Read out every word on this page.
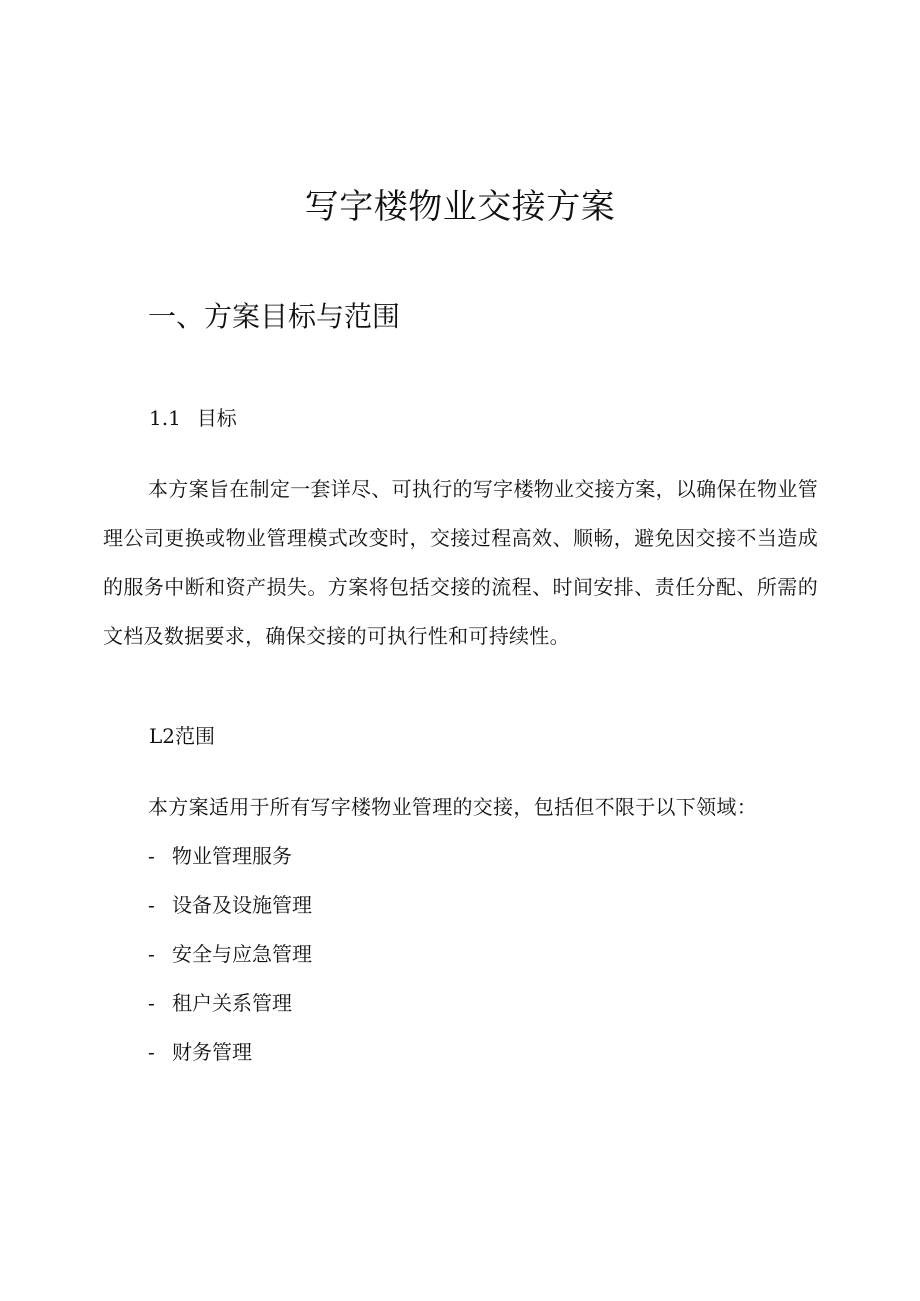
写字楼物业交接方案
一、方案目标与范围
1.1 目标

本方案旨在制定一套详尽、可执行的写字楼物业交接方案，以确保在物业管理公司更换或物业管理模式改变时，交接过程高效、顺畅，避免因交接不当造成的服务中断和资产损失。方案将包括交接的流程、时间安排、责任分配、所需的文档及数据要求，确保交接的可执行性和可持续性。

L2范围

本方案适用于所有写字楼物业管理的交接，包括但不限于以下领域：

- 物业管理服务
- 设备及设施管理
- 安全与应急管理
- 租户关系管理
- 财务管理
